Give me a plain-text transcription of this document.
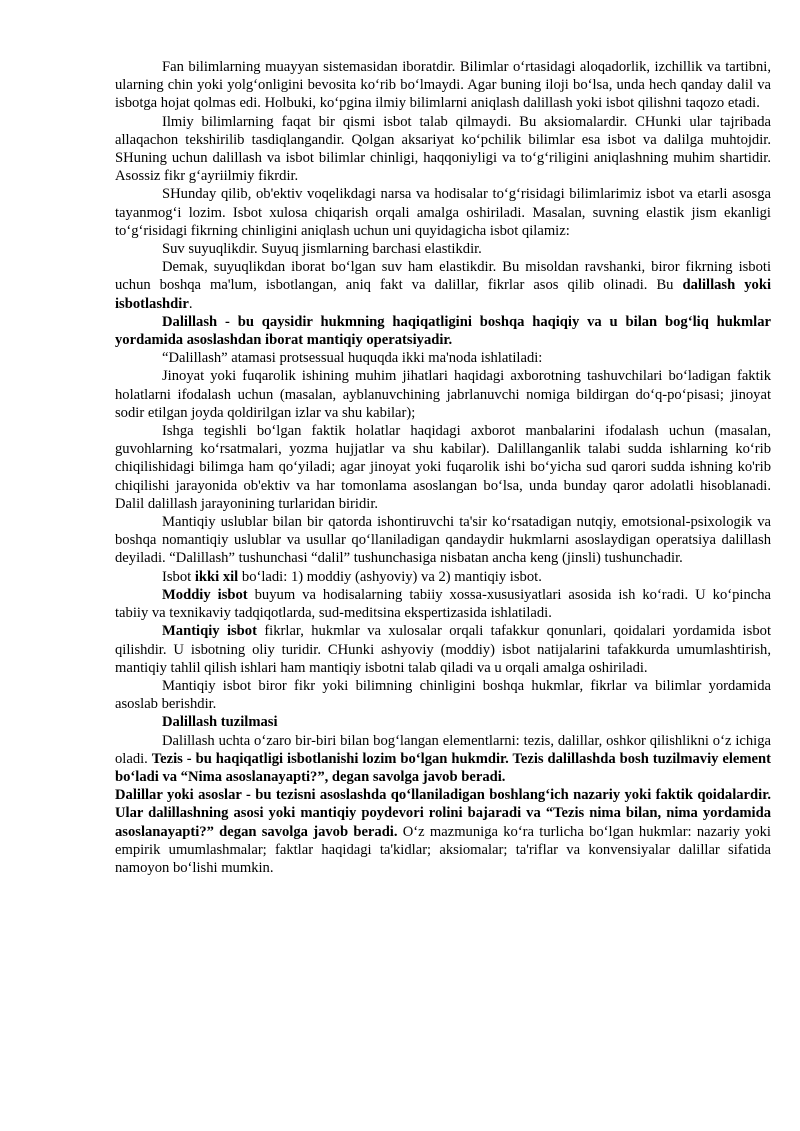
Fan bilimlarning muayyan sistemasidan iboratdir. Bilimlar o‘rtasidagi aloqadorlik, izchillik va tartibni, ularning chin yoki yolg‘onligini bevosita ko‘rib bo‘lmaydi. Agar buning iloji bo‘lsa, unda hech qanday dalil va isbotga hojat qolmas edi. Holbuki, ko‘pgina ilmiy bilimlarni aniqlash dalillash yoki isbot qilishni taqozo etadi.

Ilmiy bilimlarning faqat bir qismi isbot talab qilmaydi. Bu aksiomalardir. CHunki ular tajribada allaqachon tekshirilib tasdiqlangandir. Qolgan aksariyat ko‘pchilik bilimlar esa isbot va dalilga muhtojdir. SHuning uchun dalillash va isbot bilimlar chinligi, haqqoniyligi va to‘g‘riligini aniqlashning muhim shartidir. Asossiz fikr g‘ayriilmiy fikrdir.

SHunday qilib, ob'ektiv voqelikdagi narsa va hodisalar to‘g‘risidagi bilimlarimiz isbot va etarli asosga tayanmog‘i lozim. Isbot xulosa chiqarish orqali amalga oshiriladi. Masalan, suvning elastik jism ekanligi to‘g‘risidagi fikrning chinligini aniqlash uchun uni quyidagicha isbot qilamiz:

Suv suyuqlikdir. Suyuq jismlarning barchasi elastikdir.

Demak, suyuqlikdan iborat bo‘lgan suv ham elastikdir. Bu misoldan ravshanki, biror fikrning isboti uchun boshqa ma'lum, isbotlangan, aniq fakt va dalillar, fikrlar asos qilib olinadi. Bu dalillash yoki isbotlashdir.

Dalillash - bu qaysidir hukmning haqiqatligini boshqa haqiqiy va u bilan bog‘liq hukmlar yordamida asoslashdan iborat mantiqiy operatsiyadir.

“Dalillash” atamasi protsessual huquqda ikki ma'noda ishlatiladi:

Jinoyat yoki fuqarolik ishining muhim jihatlari haqidagi axborotning tashuvchilari bo‘ladigan faktik holatlarni ifodalash uchun (masalan, ayblanuvchining jabrlanuvchi nomiga bildirgan do‘q-po‘pisasi; jinoyat sodir etilgan joyda qoldirilgan izlar va shu kabilar);

Ishga tegishli bo‘lgan faktik holatlar haqidagi axborot manbalarini ifodalash uchun (masalan, guvohlarning ko‘rsatmalari, yozma hujjatlar va shu kabilar). Dalillanganlik talabi sudda ishlarning ko‘rib chiqilishidagi bilimga ham qo‘yiladi; agar jinoyat yoki fuqarolik ishi bo‘yicha sud qarori sudda ishning ko'rib chiqilishi jarayonida ob'ektiv va har tomonlama asoslangan bo‘lsa, unda bunday qaror adolatli hisoblanadi. Dalil dalillash jarayonining turlaridan biridir.

Mantiqiy uslublar bilan bir qatorda ishontiruvchi ta'sir ko‘rsatadigan nutqiy, emotsional-psixologik va boshqa nomantiqiy uslublar va usullar qo‘llaniladigan qandaydir hukmlarni asoslaydigan operatsiya dalillash deyiladi. “Dalillash” tushunchasi “dalil” tushunchasiga nisbatan ancha keng (jinsli) tushunchadir.

Isbot ikki xil bo‘ladi: 1) moddiy (ashyoviy) va 2) mantiqiy isbot.

Moddiy isbot buyum va hodisalarning tabiiy xossa-xususiyatlari asosida ish ko‘radi. U ko‘pincha tabiiy va texnikaviy tadqiqotlarda, sud-meditsina ekspertizasida ishlatiladi.

Mantiqiy isbot fikrlar, hukmlar va xulosalar orqali tafakkur qonunlari, qoidalari yordamida isbot qilishdir. U isbotning oliy turidir. CHunki ashyoviy (moddiy) isbot natijalarini tafakkurda umumlashtirish, mantiqiy tahlil qilish ishlari ham mantiqiy isbotni talab qiladi va u orqali amalga oshiriladi.

Mantiqiy isbot biror fikr yoki bilimning chinligini boshqa hukmlar, fikrlar va bilimlar yordamida asoslab berishdir.

Dalillash tuzilmasi

Dalillash uchta o‘zaro bir-biri bilan bog‘langan elementlarni: tezis, dalillar, oshkor qilishlikni o‘z ichiga oladi. Tezis - bu haqiqatligi isbotlanishi lozim bo‘lgan hukmdir. Tezis dalillashda bosh tuzilmaviy element bo‘ladi va “Nima asoslanayapti?”, degan savolga javob beradi.

Dalillar yoki asoslar - bu tezisni asoslashda qo‘llaniladigan boshlang‘ich nazariy yoki faktik qoidalardir. Ular dalillashning asosi yoki mantiqiy poydevori rolini bajaradi va “Tezis nima bilan, nima yordamida asoslanayapti?” degan savolga javob beradi. O‘z mazmuniga ko‘ra turlicha bo‘lgan hukmlar: nazariy yoki empirik umumlashmalar; faktlar haqidagi ta'kidlar; aksiomalar; ta'riflar va konvensiyalar dalillar sifatida namoyon bo‘lishi mumkin.
